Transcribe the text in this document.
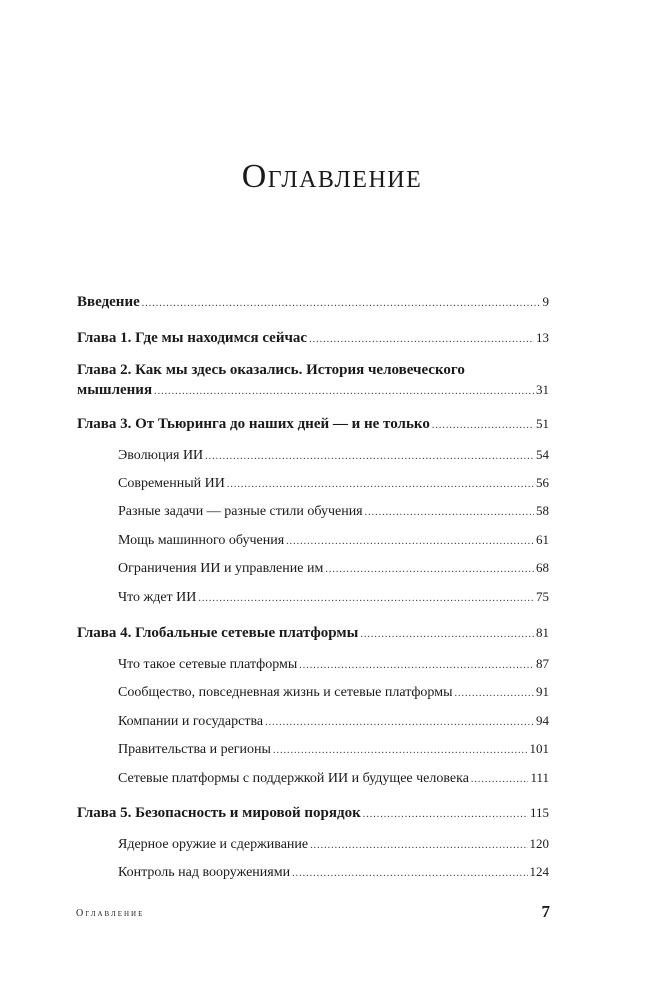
Оглавление
Введение .....	9
Глава 1. Где мы находимся сейчас .....	13
Глава 2. Как мы здесь оказались. История человеческого
мышления .....	31
Глава 3. От Тьюринга до наших дней — и не только .....	51
Эволюция ИИ .....	54
Современный ИИ .....	56
Разные задачи — разные стили обучения .....	58
Мощь машинного обучения .....	61
Ограничения ИИ и управление им .....	68
Что ждет ИИ .....	75
Глава 4. Глобальные сетевые платформы .....	81
Что такое сетевые платформы .....	87
Сообщество, повседневная жизнь и сетевые платформы .....	91
Компании и государства .....	94
Правительства и регионы .....	101
Сетевые платформы с поддержкой ИИ и будущее человека .....	111
Глава 5. Безопасность и мировой порядок .....	115
Ядерное оружие и сдерживание .....	120
Контроль над вооружениями .....	124
Оглавление	7
